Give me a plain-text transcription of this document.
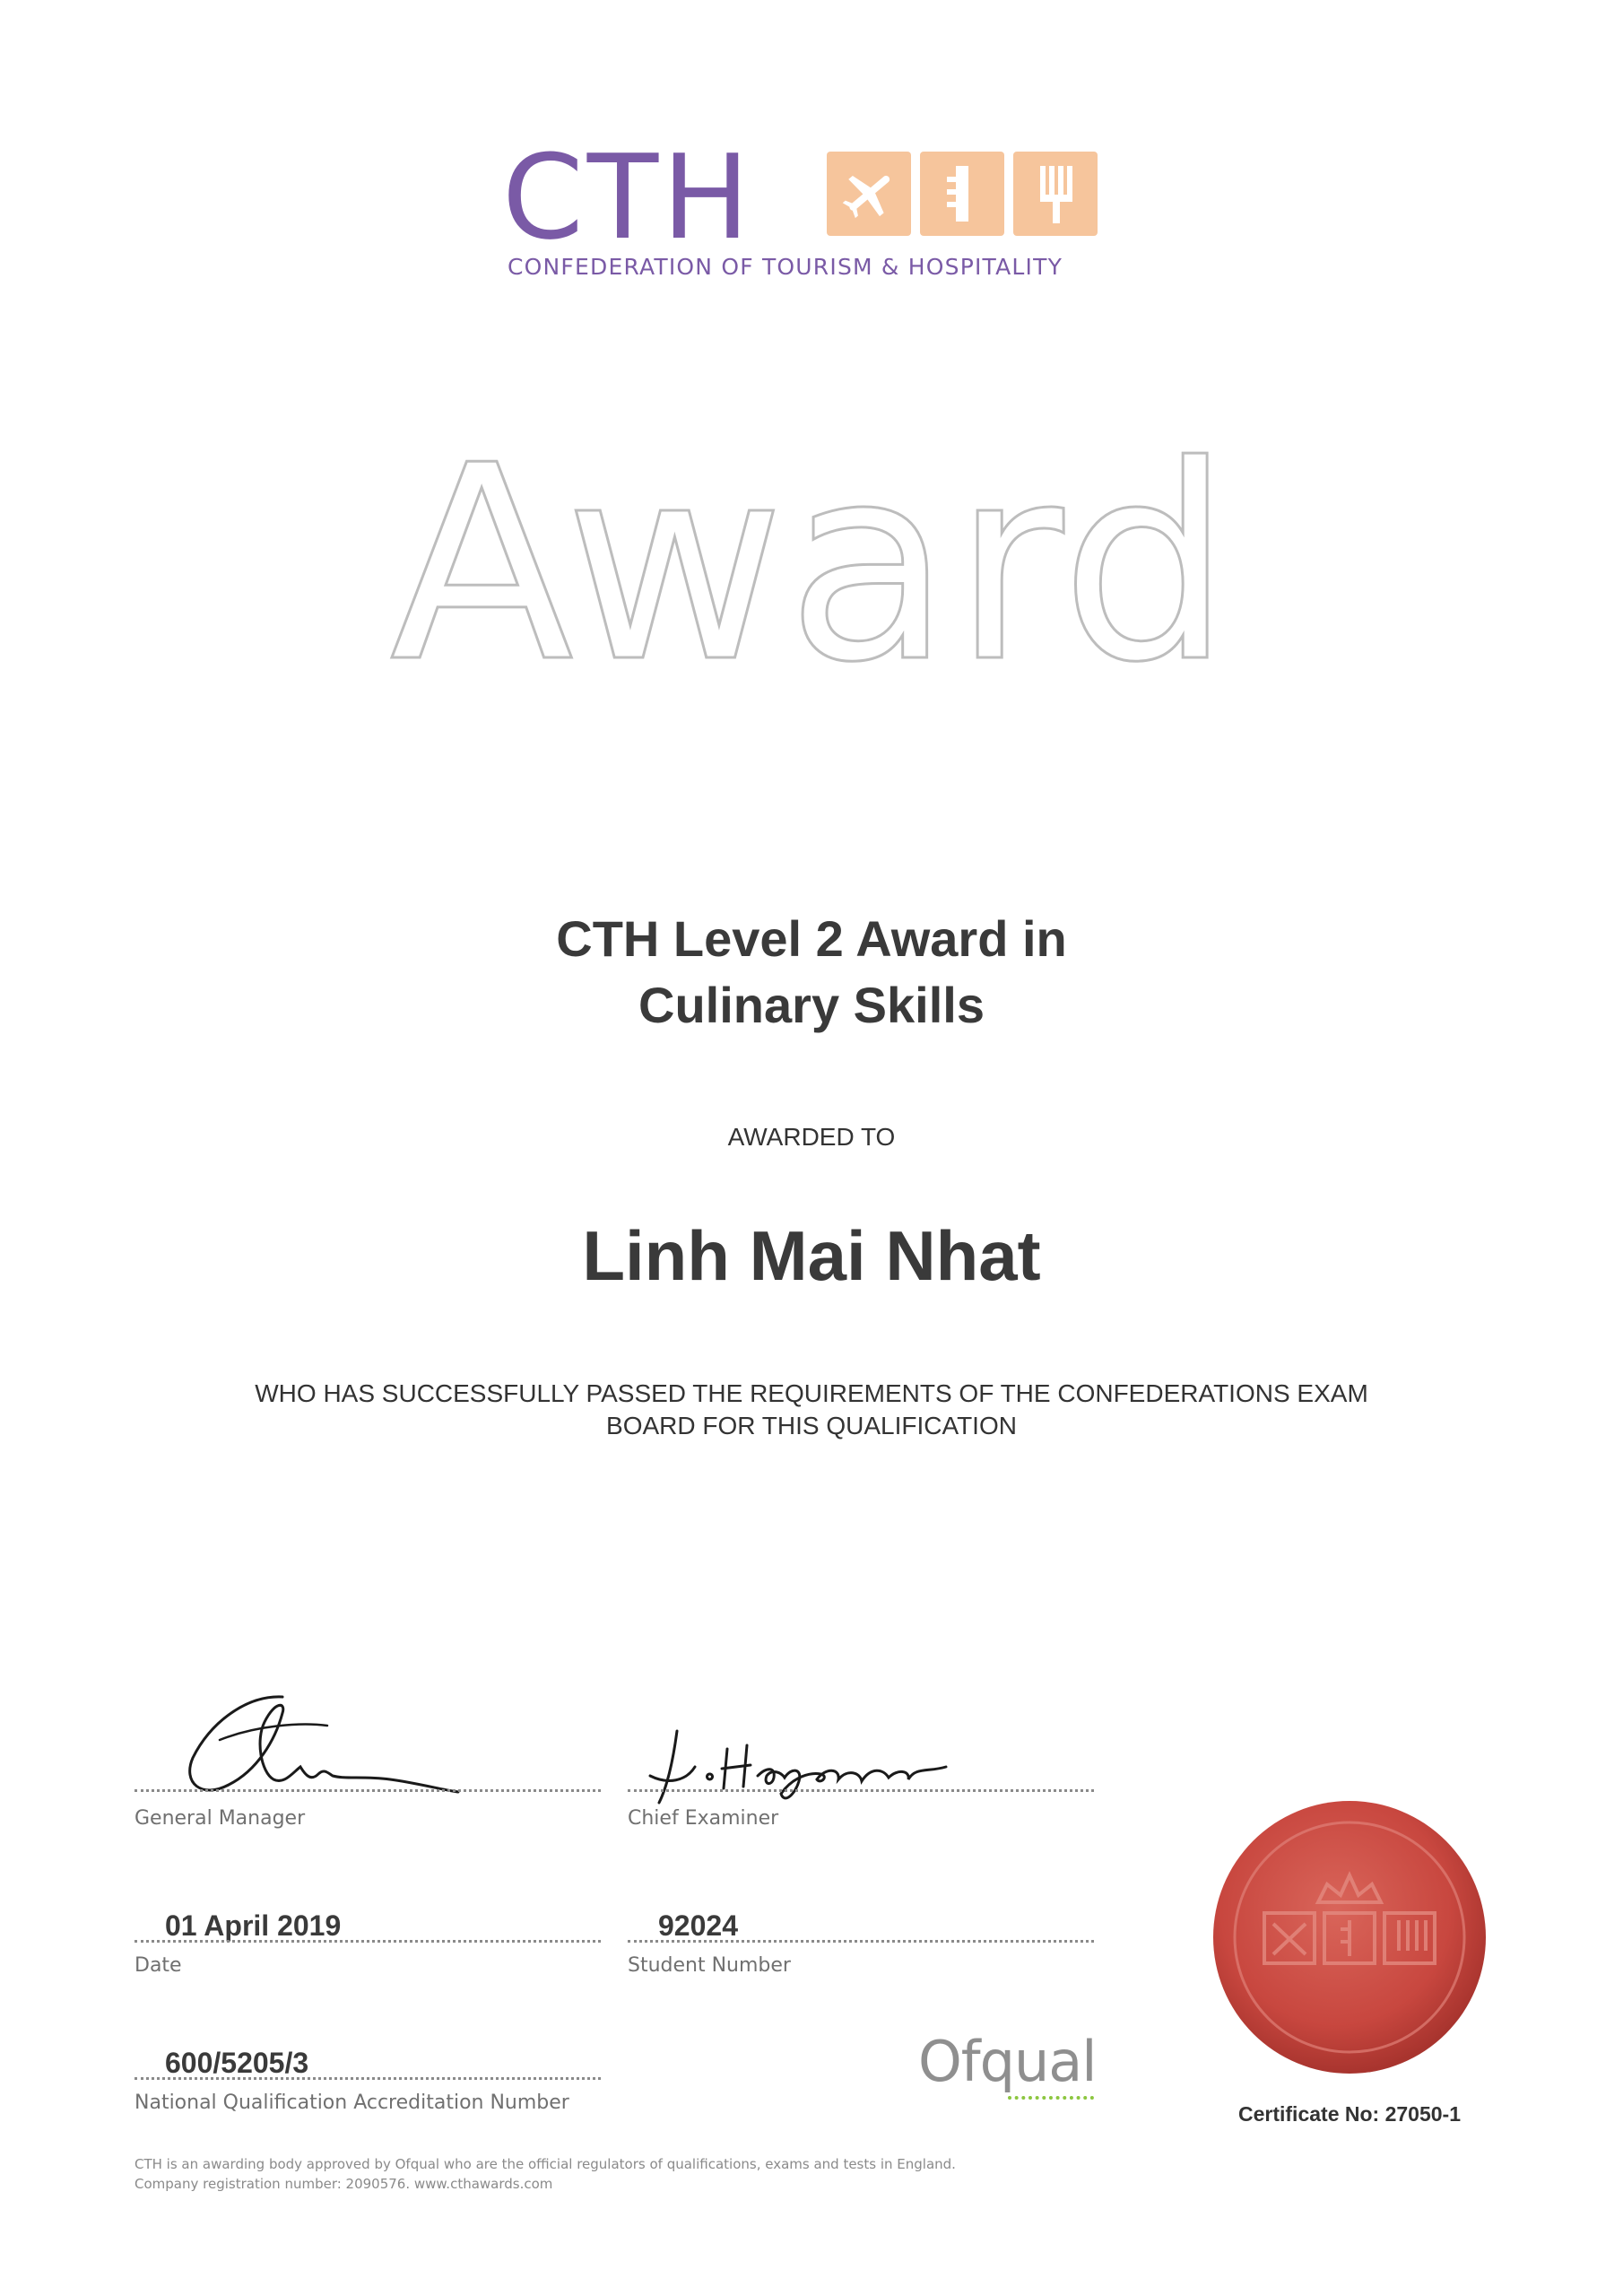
CTH
CONFEDERATION OF TOURISM & HOSPITALITY
Award
CTH Level 2 Award in
Culinary Skills
AWARDED TO
Linh Mai Nhat
WHO HAS SUCCESSFULLY PASSED THE REQUIREMENTS OF THE CONFEDERATIONS EXAM
BOARD FOR THIS QUALIFICATION
General Manager	Chief Examiner
01 April 2019
Date
92024
Student Number
600/5205/3
National Qualification Accreditation Number
Ofqual
Certificate No: 27050-1
CTH is an awarding body approved by Ofqual who are the official regulators of qualifications, exams and tests in England.
Company registration number: 2090576. www.cthawards.com
